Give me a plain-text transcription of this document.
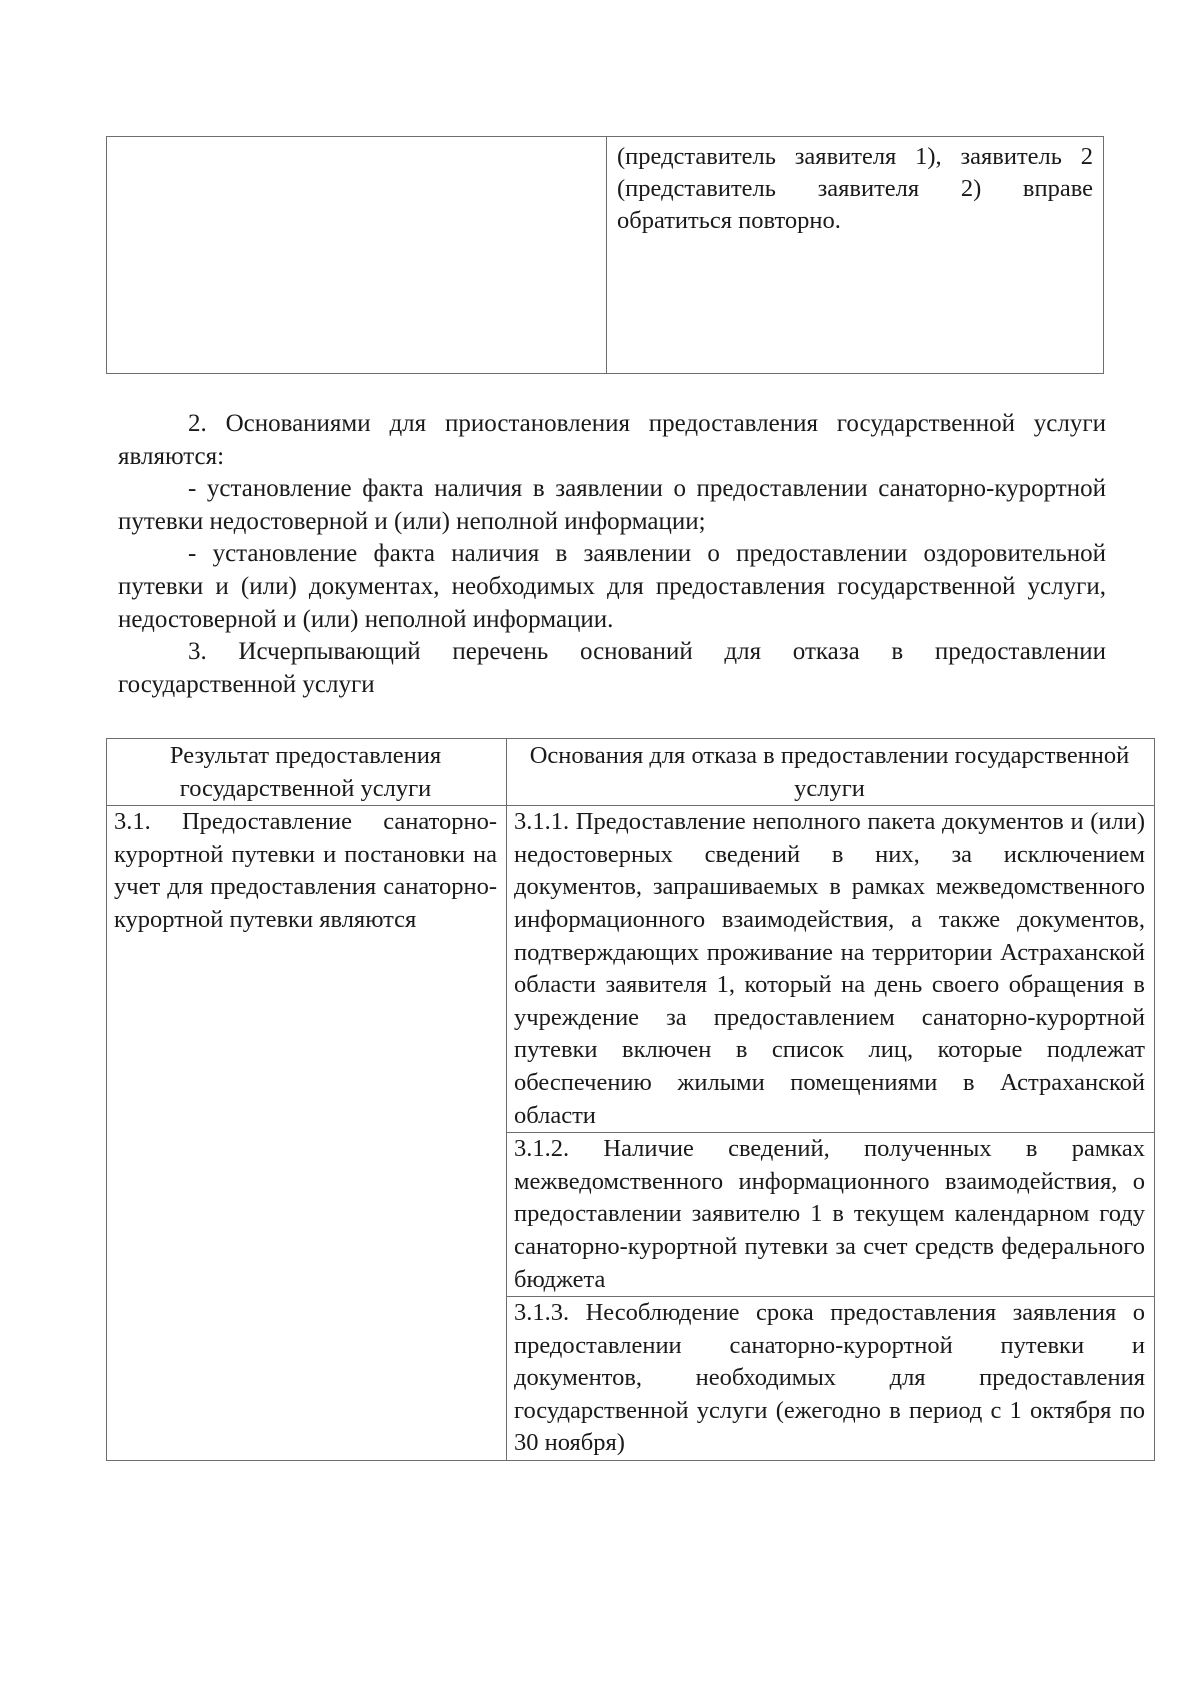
(представитель заявителя 1), заявитель 2 (представитель заявителя 2) вправе обратиться повторно.

2. Основаниями для приостановления предоставления государственной услуги являются:

- установление факта наличия в заявлении о предоставлении санаторно-курортной путевки недостоверной и (или) неполной информации;

- установление факта наличия в заявлении о предоставлении оздоровительной путевки и (или) документах, необходимых для предоставления государственной услуги, недостоверной и (или) неполной информации.

3. Исчерпывающий перечень оснований для отказа в предоставлении государственной услуги

Результат предоставления государственной услуги	Основания для отказа в предоставлении государственной услуги
3.1. Предоставление санаторно-курортной путевки и постановки на учет для предоставления санаторно-курортной путевки являются	3.1.1. Предоставление неполного пакета документов и (или) недостоверных сведений в них, за исключением документов, запрашиваемых в рамках межведомственного информационного взаимодействия, а также документов, подтверждающих проживание на территории Астраханской области заявителя 1, который на день своего обращения в учреждение за предоставлением санаторно-курортной путевки включен в список лиц, которые подлежат обеспечению жилыми помещениями в Астраханской области
	3.1.2. Наличие сведений, полученных в рамках межведомственного информационного взаимодействия, о предоставлении заявителю 1 в текущем календарном году санаторно-курортной путевки за счет средств федерального бюджета
	3.1.3. Несоблюдение срока предоставления заявления о предоставлении санаторно-курортной путевки и документов, необходимых для предоставления государственной услуги (ежегодно в период с 1 октября по 30 ноября)
